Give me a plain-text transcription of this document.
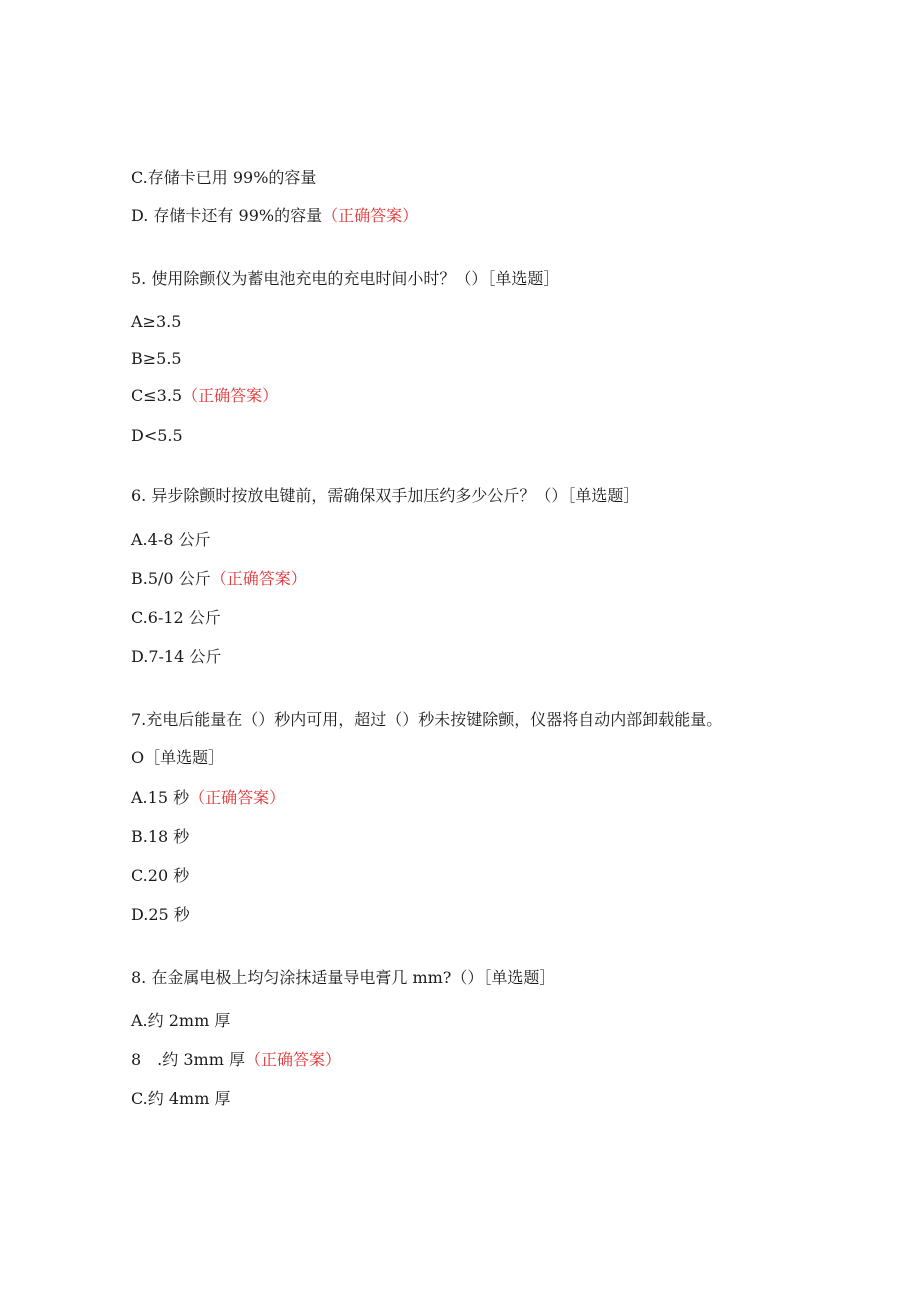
C.存储卡已用 99%的容量
D. 存储卡还有 99%的容量（正确答案）
5. 使用除颤仪为蓄电池充电的充电时间小时？（）［单选题］
A≥3.5
B≥5.5
C≤3.5（正确答案）
D<5.5
6. 异步除颤时按放电键前，需确保双手加压约多少公斤？（）［单选题］
A.4-8 公斤
B.5/0 公斤（正确答案）
C.6-12 公斤
D.7-14 公斤
7.充电后能量在（）秒内可用，超过（）秒未按键除颤，仪器将自动内部卸载能量。
O［单选题］
A.15 秒（正确答案）
B.18 秒
C.20 秒
D.25 秒
8. 在金属电极上均匀涂抹适量导电膏几 mm?（）［单选题］
A.约 2mm 厚
8　.约 3mm 厚（正确答案）
C.约 4mm 厚
